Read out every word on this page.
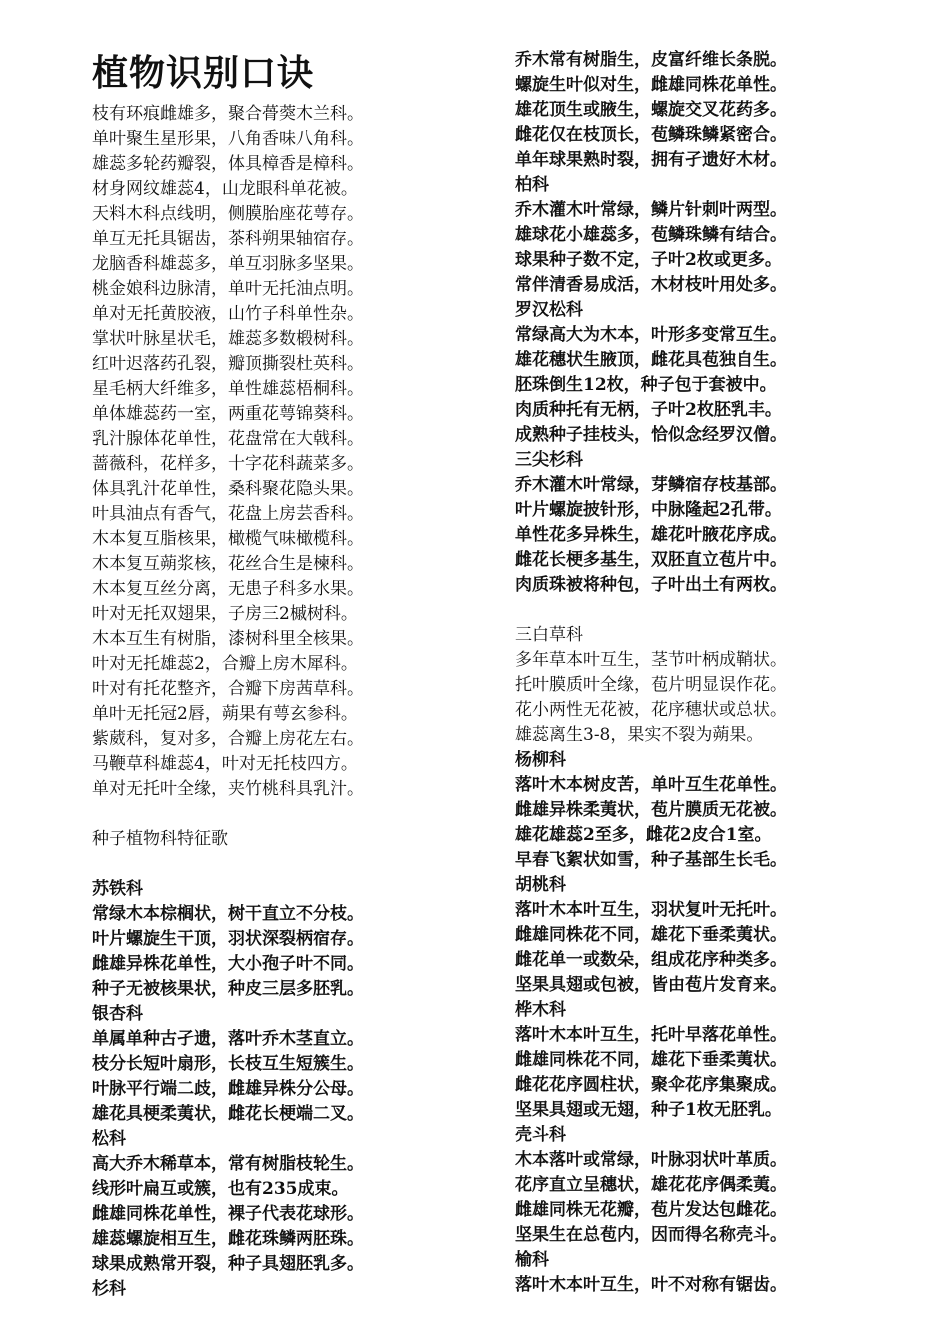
植物识别口诀
枝有环痕雌雄多，聚合蓇葖木兰科。
单叶聚生星形果，八角香味八角科。
雄蕊多轮药瓣裂，体具樟香是樟科。
材身网纹雄蕊4，山龙眼科单花被。
天料木科点线明，侧膜胎座花萼存。
单互无托具锯齿，茶科朔果轴宿存。
龙脑香科雄蕊多，单互羽脉多坚果。
桃金娘科边脉清，单叶无托油点明。
单对无托黄胶液，山竹子科单性杂。
掌状叶脉星状毛，雄蕊多数椴树科。
红叶迟落药孔裂，瓣顶撕裂杜英科。
星毛柄大纤维多，单性雄蕊梧桐科。
单体雄蕊药一室，两重花萼锦葵科。
乳汁腺体花单性，花盘常在大戟科。
蔷薇科，花样多，十字花科蔬菜多。
体具乳汁花单性，桑科聚花隐头果。
叶具油点有香气，花盘上房芸香科。
木本复互脂核果，橄榄气味橄榄科。
木本复互蒴浆核，花丝合生是楝科。
木本复互丝分离，无患子科多水果。
叶对无托双翅果，子房三2槭树科。
木本互生有树脂，漆树科里全核果。
叶对无托雄蕊2，合瓣上房木犀科。
叶对有托花整齐，合瓣下房茜草科。
单叶无托冠2唇，蒴果有萼玄参科。
紫葳科，复对多，合瓣上房花左右。
马鞭草科雄蕊4，叶对无托枝四方。
单对无托叶全缘，夹竹桃科具乳汁。
种子植物科特征歌
苏铁科
常绿木本棕榈状，树干直立不分枝。
叶片螺旋生干顶，羽状深裂柄宿存。
雌雄异株花单性，大小孢子叶不同。
种子无被核果状，种皮三层多胚乳。
银杏科
单属单种古孑遗，落叶乔木茎直立。
枝分长短叶扇形，长枝互生短簇生。
叶脉平行端二歧，雌雄异株分公母。
雄花具梗柔荑状，雌花长梗端二叉。
松科
高大乔木稀草本，常有树脂枝轮生。
线形叶扁互或簇，也有235成束。
雌雄同株花单性，裸子代表花球形。
雄蕊螺旋相互生，雌花珠鳞两胚珠。
球果成熟常开裂，种子具翅胚乳多。
杉科
乔木常有树脂生，皮富纤维长条脱。
螺旋生叶似对生，雌雄同株花单性。
雄花顶生或腋生，螺旋交叉花药多。
雌花仅在枝顶长，苞鳞珠鳞紧密合。
单年球果熟时裂，拥有孑遗好木材。
柏科
乔木灌木叶常绿，鳞片针刺叶两型。
雄球花小雄蕊多，苞鳞珠鳞有结合。
球果种子数不定，子叶2枚或更多。
常伴清香易成活，木材枝叶用处多。
罗汉松科
常绿高大为木本，叶形多变常互生。
雄花穗状生腋顶，雌花具苞独自生。
胚珠倒生12枚，种子包于套被中。
肉质种托有无柄，子叶2枚胚乳丰。
成熟种子挂枝头，恰似念经罗汉僧。
三尖杉科
乔木灌木叶常绿，芽鳞宿存枝基部。
叶片螺旋披针形，中脉隆起2孔带。
单性花多异株生，雄花叶腋花序成。
雌花长梗多基生，双胚直立苞片中。
肉质珠被将种包，子叶出土有两枚。
三白草科
多年草本叶互生，茎节叶柄成鞘状。
托叶膜质叶全缘，苞片明显误作花。
花小两性无花被，花序穗状或总状。
雄蕊离生3-8，果实不裂为蒴果。
杨柳科
落叶木本树皮苦，单叶互生花单性。
雌雄异株柔荑状，苞片膜质无花被。
雄花雄蕊2至多，雌花2皮合1室。
早春飞絮状如雪，种子基部生长毛。
胡桃科
落叶木本叶互生，羽状复叶无托叶。
雌雄同株花不同，雄花下垂柔荑状。
雌花单一或数朵，组成花序种类多。
坚果具翅或包被，皆由苞片发育来。
桦木科
落叶木本叶互生，托叶早落花单性。
雌雄同株花不同，雄花下垂柔荑状。
雌花花序圆柱状，聚伞花序集聚成。
坚果具翅或无翅，种子1枚无胚乳。
壳斗科
木本落叶或常绿，叶脉羽状叶革质。
花序直立呈穗状，雄花花序偶柔荑。
雌雄同株无花瓣，苞片发达包雌花。
坚果生在总苞内，因而得名称壳斗。
榆科
落叶木本叶互生，叶不对称有锯齿。
